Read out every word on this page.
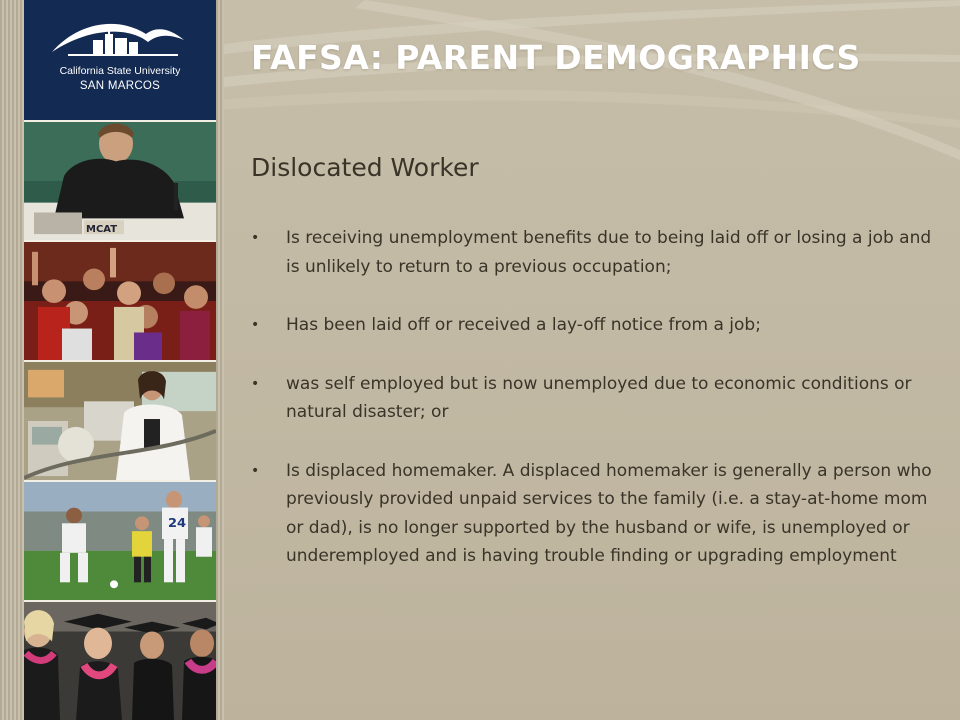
California State University
SAN MARCOS
MCAT
24
FAFSA: PARENT DEMOGRAPHICS
Dislocated Worker
• Is receiving unemployment benefits due to being laid off or losing a job and is unlikely to return to a previous occupation;
• Has been laid off or received a lay-off notice from a job;
• was self employed but is now unemployed due to economic conditions or natural disaster; or
• Is displaced homemaker. A displaced homemaker is generally a person who previously provided unpaid services to the family (i.e. a stay-at-home mom or dad), is no longer supported by the husband or wife, is unemployed or underemployed and is having trouble finding or upgrading employment
